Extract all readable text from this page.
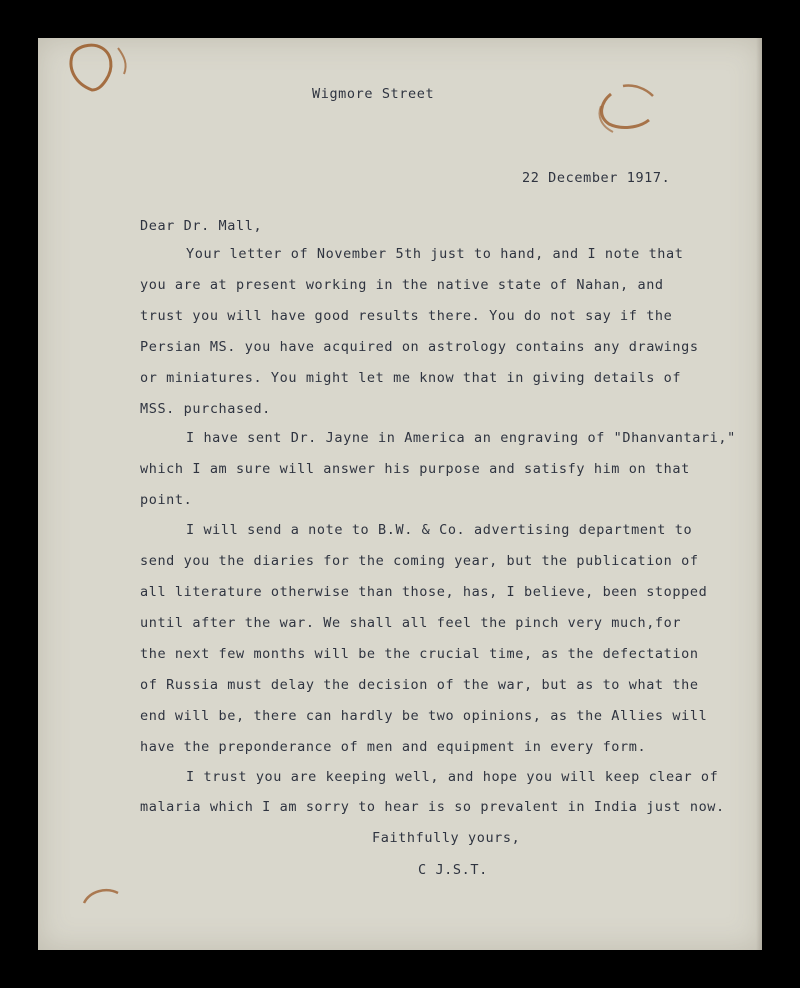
Wigmore Street
22 December 1917.
Dear Dr. Mall,
Your letter of November 5th just to hand, and I note that
you are at present working in the native state of Nahan, and
trust you will have good results there. You do not say if the
Persian MS. you have acquired on astrology contains any drawings
or miniatures. You might let me know that in giving details of
MSS. purchased.
I have sent Dr. Jayne in America an engraving of "Dhanvantari,"
which I am sure will answer his purpose and satisfy him on that
point.
I will send a note to B.W. & Co. advertising department to
send you the diaries for the coming year, but the publication of
all literature otherwise than those, has, I believe, been stopped
until after the war. We shall all feel the pinch very much,for
the next few months will be the crucial time, as the defectation
of Russia must delay the decision of the war, but as to what the
end will be, there can hardly be two opinions, as the Allies will
have the preponderance of men and equipment in every form.
I trust you are keeping well, and hope you will keep clear of
malaria which I am sorry to hear is so prevalent in India just now.
Faithfully yours,
C J.S.T.
